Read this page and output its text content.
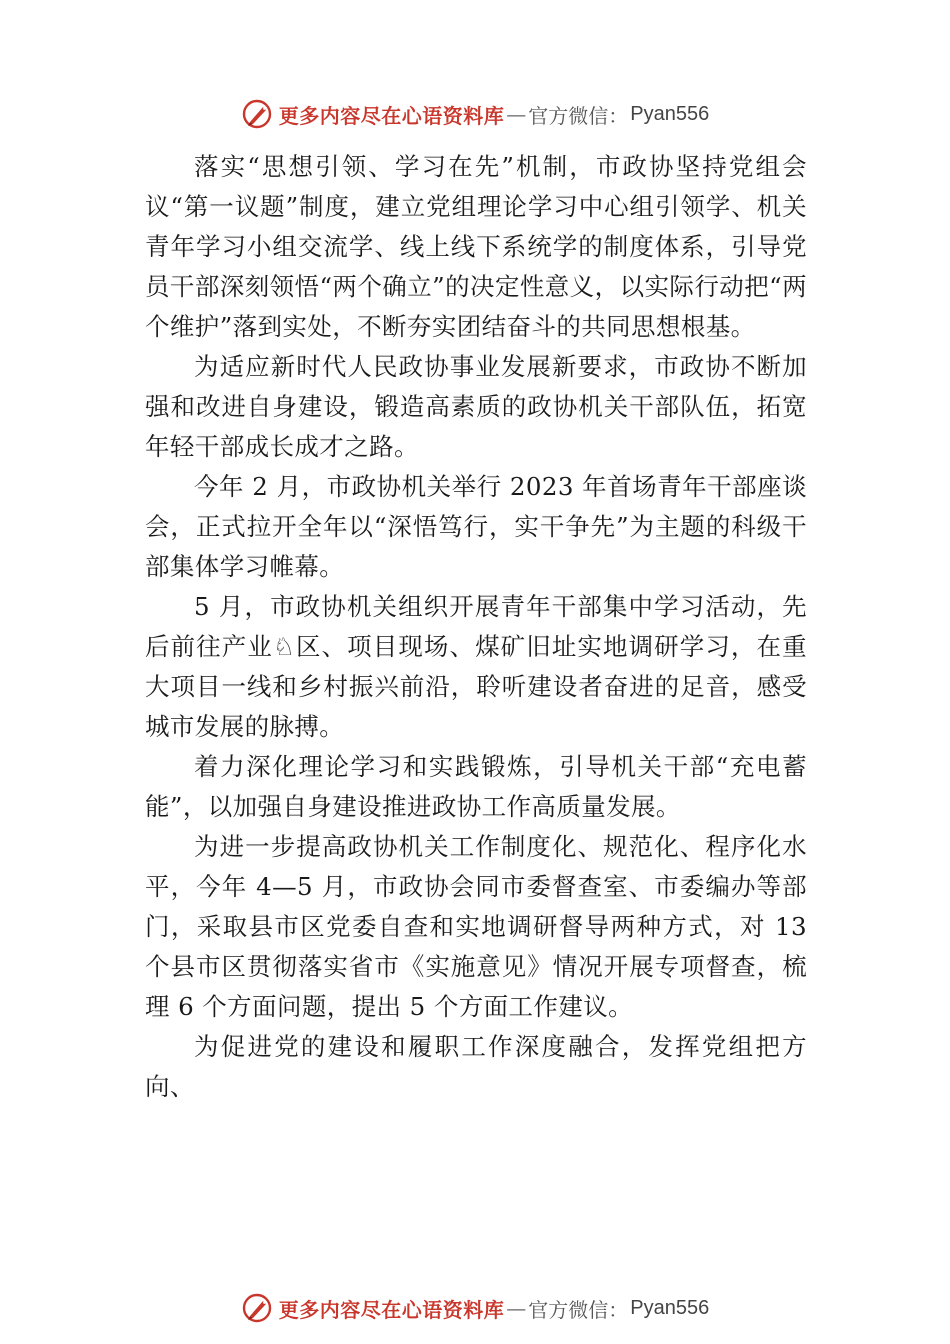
更多内容尽在心语资料库 — 官方微信： Pyan556

落实“思想引领、学习在先”机制，市政协坚持党组会议“第一议题”制度，建立党组理论学习中心组引领学、机关青年学习小组交流学、线上线下系统学的制度体系，引导党员干部深刻领悟“两个确立”的决定性意义，以实际行动把“两个维护”落到实处，不断夯实团结奋斗的共同思想根基。

为适应新时代人民政协事业发展新要求，市政协不断加强和改进自身建设，锻造高素质的政协机关干部队伍，拓宽年轻干部成长成才之路。

今年 2 月，市政协机关举行 2023 年首场青年干部座谈会，正式拉开全年以“深悟笃行，实干争先”为主题的科级干部集体学习帷幕。

5 月，市政协机关组织开展青年干部集中学习活动，先后前往产业♘区、项目现场、煤矿旧址实地调研学习，在重大项目一线和乡村振兴前沿，聆听建设者奋进的足音，感受城市发展的脉搏。

着力深化理论学习和实践锻炼，引导机关干部“充电蓄能”，以加强自身建设推进政协工作高质量发展。

为进一步提高政协机关工作制度化、规范化、程序化水平，今年 4—5 月，市政协会同市委督查室、市委编办等部门，采取县市区党委自查和实地调研督导两种方式，对 13 个县市区贯彻落实省市《实施意见》情况开展专项督查，梳理 6 个方面问题，提出 5 个方面工作建议。

为促进党的建设和履职工作深度融合，发挥党组把方向、

更多内容尽在心语资料库 — 官方微信： Pyan556
